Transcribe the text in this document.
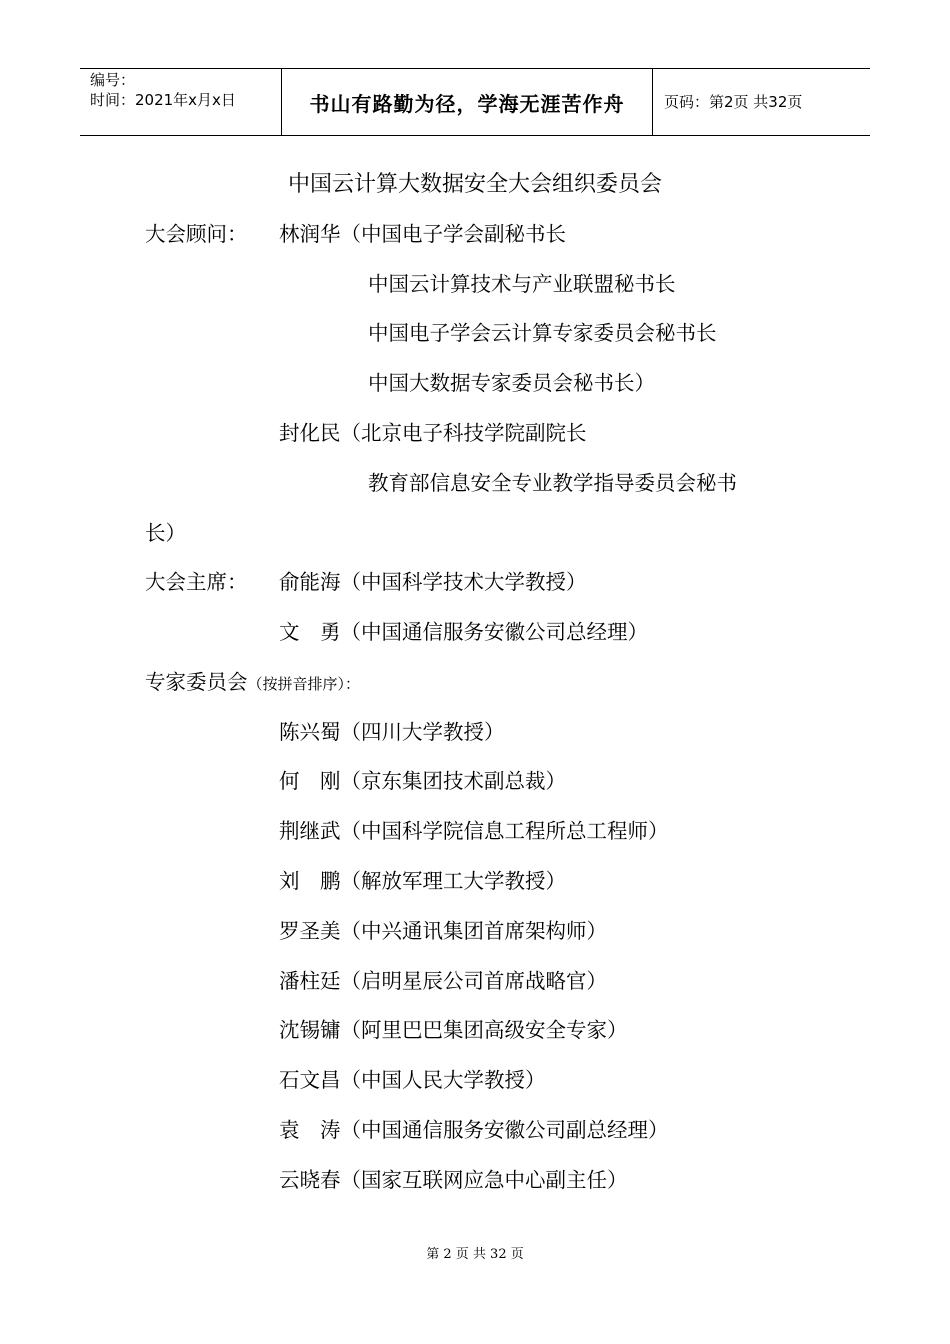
编号：
时间：2021年x月x日	书山有路勤为径，学海无涯苦作舟	页码：第2页 共32页
中国云计算大数据安全大会组织委员会
大会顾问： 林润华（中国电子学会副秘书长
中国云计算技术与产业联盟秘书长
中国电子学会云计算专家委员会秘书长
中国大数据专家委员会秘书长）
封化民（北京电子科技学院副院长
教育部信息安全专业教学指导委员会秘书
长）
大会主席： 俞能海（中国科学技术大学教授）
文　勇（中国通信服务安徽公司总经理）
专家委员会（按拼音排序）：
陈兴蜀（四川大学教授）
何　刚（京东集团技术副总裁）
荆继武（中国科学院信息工程所总工程师）
刘　鹏（解放军理工大学教授）
罗圣美（中兴通讯集团首席架构师）
潘柱廷（启明星辰公司首席战略官）
沈锡镛（阿里巴巴集团高级安全专家）
石文昌（中国人民大学教授）
袁　涛（中国通信服务安徽公司副总经理）
云晓春（国家互联网应急中心副主任）
第 2 页 共 32 页
